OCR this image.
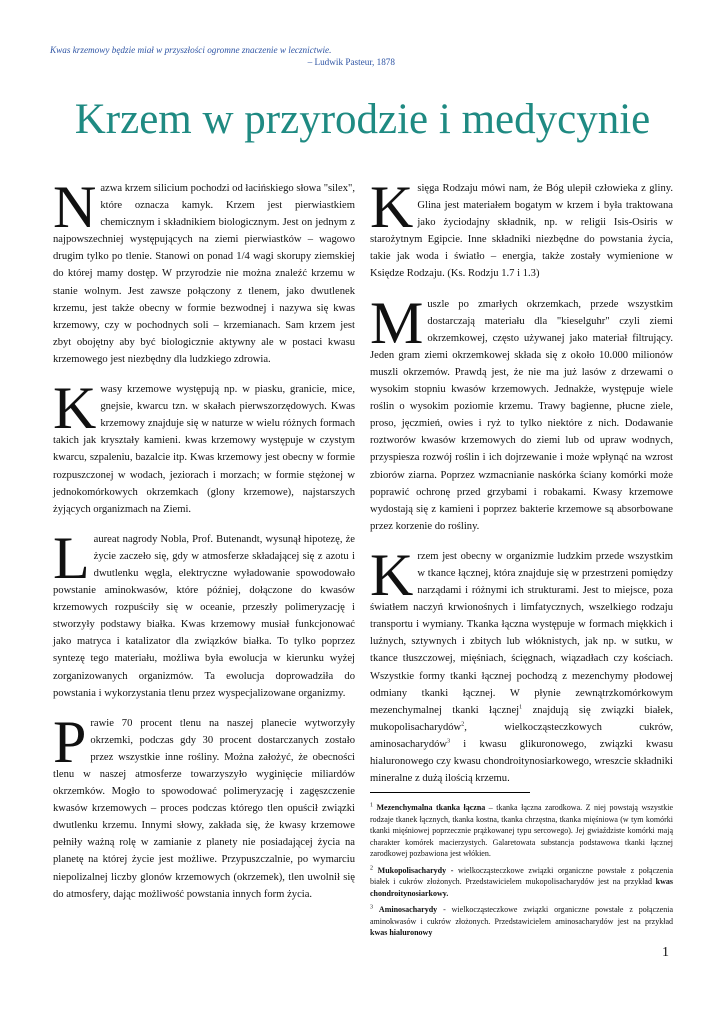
Kwas krzemowy będzie miał w przyszłości ogromne znaczenie w lecznictwie.
– Ludwik Pasteur, 1878
Krzem w przyrodzie i medycynie
N azwa krzem silicium pochodzi od łacińskiego słowa "silex", które oznacza kamyk. Krzem jest pierwiastkiem chemicznym i składnikiem biologicznym. Jest on jednym z najpowszechniej występujących na ziemi pierwiastków – wagowo drugim tylko po tlenie. Stanowi on ponad 1/4 wagi skorupy ziemskiej do której mamy dostęp. W przyrodzie nie można znaleźć krzemu w stanie wolnym. Jest zawsze połączony z tlenem, jako dwutlenek krzemu, jest także obecny w formie bezwodnej i nazywa się kwas krzemowy, czy w pochodnych soli – krzemianach. Sam krzem jest zbyt obojętny aby być biologicznie aktywny ale w postaci kwasu krzemowego jest niezbędny dla ludzkiego zdrowia.

K wasy krzemowe występują np. w piasku, granicie, mice, gnejsie, kwarcu tzn. w skałach pierwszorzędowych. Kwas krzemowy znajduje się w naturze w wielu różnych formach takich jak kryształy kamieni. kwas krzemowy występuje w czystym kwarcu, szpaleniu, bazalcie itp. Kwas krzemowy jest obecny w formie rozpuszczonej w wodach, jeziorach i morzach; w formie stężonej w jednokomórkowych okrzemkach (glony krzemowe), najstarszych żyjących organizmach na Ziemi.

L aureat nagrody Nobla, Prof. Butenandt, wysunął hipotezę, że życie zaczeło się, gdy w atmosferze składającej się z azotu i dwutlenku węgla, elektryczne wyładowanie spowodowało powstanie aminokwasów, które później, dołączone do kwasów krzemowych rozpuściły się w oceanie, przeszły polimeryzację i stworzyły podstawy białka. Kwas krzemowy musiał funkcjonować jako matryca i katalizator dla związków białka. To tylko poprzez syntezę tego materiału, możliwa była ewolucja w kierunku wyżej zorganizowanych organizmów. Ta ewolucja doprowadziła do powstania i wykorzystania tlenu przez wyspecjalizowane organizmy.

P rawie 70 procent tlenu na naszej planecie wytworzyły okrzemki, podczas gdy 30 procent dostarczanych zostało przez wszystkie inne rośliny. Można założyć, że obecności tlenu w naszej atmosferze towarzyszyło wyginięcie miliardów okrzemków. Mogło to spowodować polimeryzację i zagęszczenie kwasów krzemowych – proces podczas którego tlen opuścił związki dwutlenku krzemu. Innymi słowy, zakłada się, że kwasy krzemowe pełniły ważną rolę w zamianie z planety nie posiadającej życia na planetę na której życie jest możliwe. Przypuszczalnie, po wymarciu niepolizalnej liczby glonów krzemowych (okrzemek), tlen uwolnił się do atmosfery, dając możliwość powstania innych form życia.

K sięga Rodzaju mówi nam, że Bóg ulepił człowieka z gliny. Glina jest materiałem bogatym w krzem i była traktowana jako życiodajny składnik, np. w religii Isis-Osiris w starożytnym Egipcie. Inne składniki niezbędne do powstania życia, takie jak woda i światło – energia, także zostały wymienione w Księdze Rodzaju. (Ks. Rodzju 1.7 i 1.3)

M uszle po zmarłych okrzemkach, przede wszystkim dostarczają materiału dla "kieselguhr" czyli ziemi okrzemkowej, często używanej jako materiał filtrujący. Jeden gram ziemi okrzemkowej składa się z około 10.000 milionów muszli okrzemów. Prawdą jest, że nie ma już lasów z drzewami o wysokim stopniu kwasów krzemowych. Jednakże, występuje wiele roślin o wysokim poziomie krzemu. Trawy bagienne, płucne ziele, proso, jęczmień, owies i ryż to tylko niektóre z nich. Dodawanie roztworów kwasów krzemowych do ziemi lub od upraw wodnych, przyspiesza rozwój roślin i ich dojrzewanie i może wpłynąć na wzrost zbiorów ziarna. Poprzez wzmacnianie naskórka ściany komórki może poprawić ochronę przed grzybami i robakami. Kwasy krzemowe wydostają się z kamieni i poprzez bakterie krzemowe są absorbowane przez korzenie do rośliny.

K rzem jest obecny w organizmie ludzkim przede wszystkim w tkance łącznej, która znajduje się w przestrzeni pomiędzy narządami i różnymi ich strukturami. Jest to miejsce, poza światłem naczyń krwionośnych i limfatycznych, wszelkiego rodzaju transportu i wymiany. Tkanka łączna występuje w formach miękkich i luźnych, sztywnych i zbitych lub włóknistych, jak np. w sutku, w tkance tłuszczowej, mięśniach, ścięgnach, wiązadłach czy kościach. Wszystkie formy tkanki łącznej pochodzą z mezenchymy płodowej odmiany tkanki łącznej. W płynie zewnątrzkomórkowym mezenchymalnej tkanki łącznej$^1$ znajdują się związki białek, mukopolisacharydów$^2$, wielkocząsteczkowych cukrów, aminosacharydów$^3$ i kwasu glikuronowego, związki kwasu hialuronowego czy kwasu chondroitynosiarkowego, wreszcie składniki mineralne z dużą ilością krzemu.

$^1$ Mezenchymalna tkanka łączna – tkanka łączna zarodkowa. Z niej powstają wszystkie rodzaje tkanek łącznych, tkanka kostna, tkanka chrzęstna, tkanka mięśniowa (w tym komórki tkanki mięśniowej poprzecznie prążkowanej typu sercowego). Jej gwiaździste komórki mają charakter komórek macierzystych. Galaretowata substancja podstawowa tkanki łącznej zarodkowej pozbawiona jest włókien.
$^2$ Mukopolisacharydy - wielkocząsteczkowe związki organiczne powstałe z połączenia białek i cukrów złożonych. Przedstawicielem mukopolisacharydów jest na przykład kwas chondroitynosiarkowy.
$^3$ Aminosacharydy - wielkocząsteczkowe związki organiczne powstałe z połączenia aminokwasów i cukrów złożonych. Przedstawicielem aminosacharydów jest na przykład kwas hialuronowy
1
